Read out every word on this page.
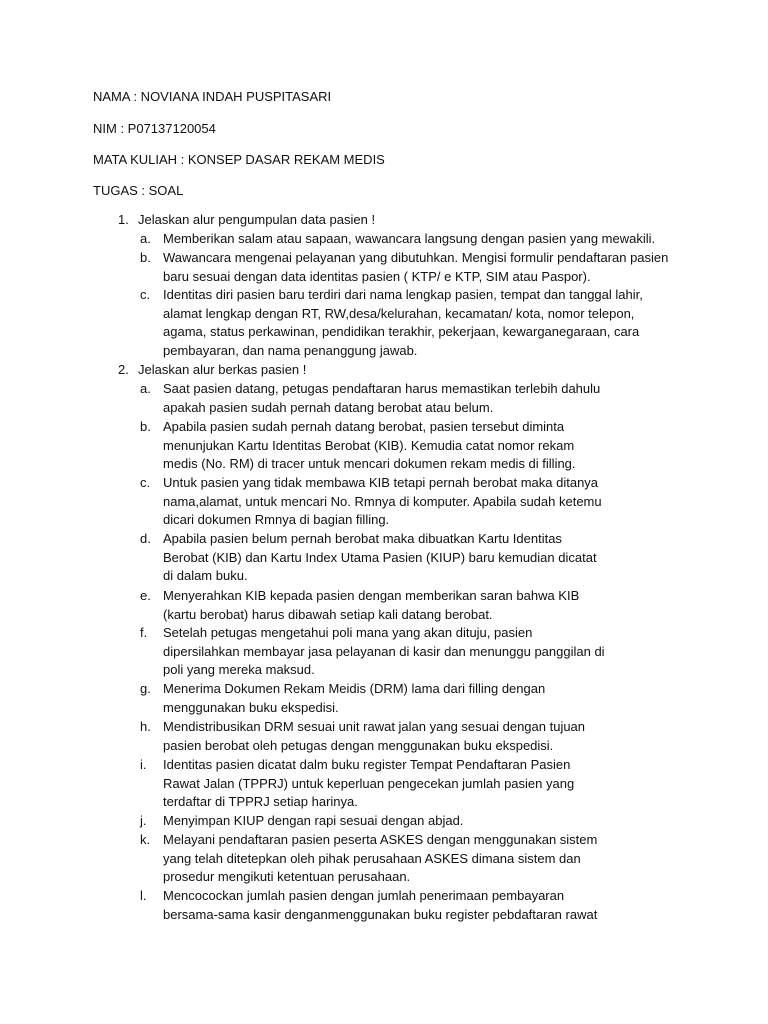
NAMA : NOVIANA INDAH PUSPITASARI
NIM : P07137120054
MATA KULIAH : KONSEP DASAR REKAM MEDIS
TUGAS : SOAL
1. Jelaskan alur pengumpulan data pasien !
a. Memberikan salam atau sapaan, wawancara langsung dengan pasien yang mewakili.
b. Wawancara mengenai pelayanan yang dibutuhkan. Mengisi formulir pendaftaran pasien
baru sesuai dengan data identitas pasien ( KTP/ e KTP, SIM atau Paspor).
c. Identitas diri pasien baru terdiri dari nama lengkap pasien, tempat dan tanggal lahir,
alamat lengkap dengan RT, RW,desa/kelurahan, kecamatan/ kota, nomor telepon,
agama, status perkawinan, pendidikan terakhir, pekerjaan, kewarganegaraan, cara
pembayaran, dan nama penanggung jawab.
2. Jelaskan alur berkas pasien !
a. Saat pasien datang, petugas pendaftaran harus memastikan terlebih dahulu
apakah pasien sudah pernah datang berobat atau belum.
b. Apabila pasien sudah pernah datang berobat, pasien tersebut diminta
menunjukan Kartu Identitas Berobat (KIB). Kemudia catat nomor rekam
medis (No. RM) di tracer untuk mencari dokumen rekam medis di filling.
c. Untuk pasien yang tidak membawa KIB tetapi pernah berobat maka ditanya
nama,alamat, untuk mencari No. Rmnya di komputer. Apabila sudah ketemu
dicari dokumen Rmnya di bagian filling.
d. Apabila pasien belum pernah berobat maka dibuatkan Kartu Identitas
Berobat (KIB) dan Kartu Index Utama Pasien (KIUP) baru kemudian dicatat
di dalam buku.
e. Menyerahkan KIB kepada pasien dengan memberikan saran bahwa KIB
(kartu berobat) harus dibawah setiap kali datang berobat.
f. Setelah petugas mengetahui poli mana yang akan dituju, pasien
dipersilahkan membayar jasa pelayanan di kasir dan menunggu panggilan di
poli yang mereka maksud.
g. Menerima Dokumen Rekam Meidis (DRM) lama dari filling dengan
menggunakan buku ekspedisi.
h. Mendistribusikan DRM sesuai unit rawat jalan yang sesuai dengan tujuan
pasien berobat oleh petugas dengan menggunakan buku ekspedisi.
i. Identitas pasien dicatat dalm buku register Tempat Pendaftaran Pasien
Rawat Jalan (TPPRJ) untuk keperluan pengecekan jumlah pasien yang
terdaftar di TPPRJ setiap harinya.
j. Menyimpan KIUP dengan rapi sesuai dengan abjad.
k. Melayani pendaftaran pasien peserta ASKES dengan menggunakan sistem
yang telah ditetepkan oleh pihak perusahaan ASKES dimana sistem dan
prosedur mengikuti ketentuan perusahaan.
l. Mencocockan jumlah pasien dengan jumlah penerimaan pembayaran
bersama-sama kasir denganmenggunakan buku register pebdaftaran rawat
